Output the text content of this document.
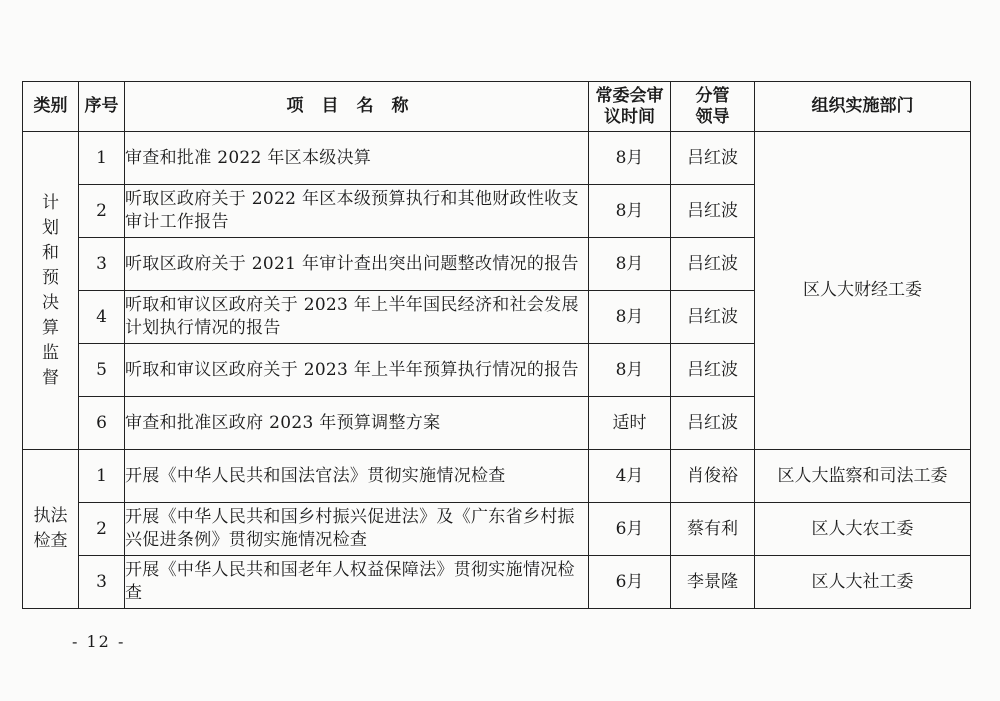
类别	序号	项目名称	常委会审议时间	分管领导	组织实施部门
计划和预决算监督	1	审查和批准 2022 年区本级决算	8月	吕红波	区人大财经工委
	2	听取区政府关于 2022 年区本级预算执行和其他财政性收支审计工作报告	8月	吕红波	
	3	听取区政府关于 2021 年审计查出突出问题整改情况的报告	8月	吕红波	
	4	听取和审议区政府关于 2023 年上半年国民经济和社会发展计划执行情况的报告	8月	吕红波	
	5	听取和审议区政府关于 2023 年上半年预算执行情况的报告	8月	吕红波	
	6	审查和批准区政府 2023 年预算调整方案	适时	吕红波	
执法检查	1	开展《中华人民共和国法官法》贯彻实施情况检查	4月	肖俊裕	区人大监察和司法工委
	2	开展《中华人民共和国乡村振兴促进法》及《广东省乡村振兴促进条例》贯彻实施情况检查	6月	蔡有利	区人大农工委
	3	开展《中华人民共和国老年人权益保障法》贯彻实施情况检查	6月	李景隆	区人大社工委
- 12 -
